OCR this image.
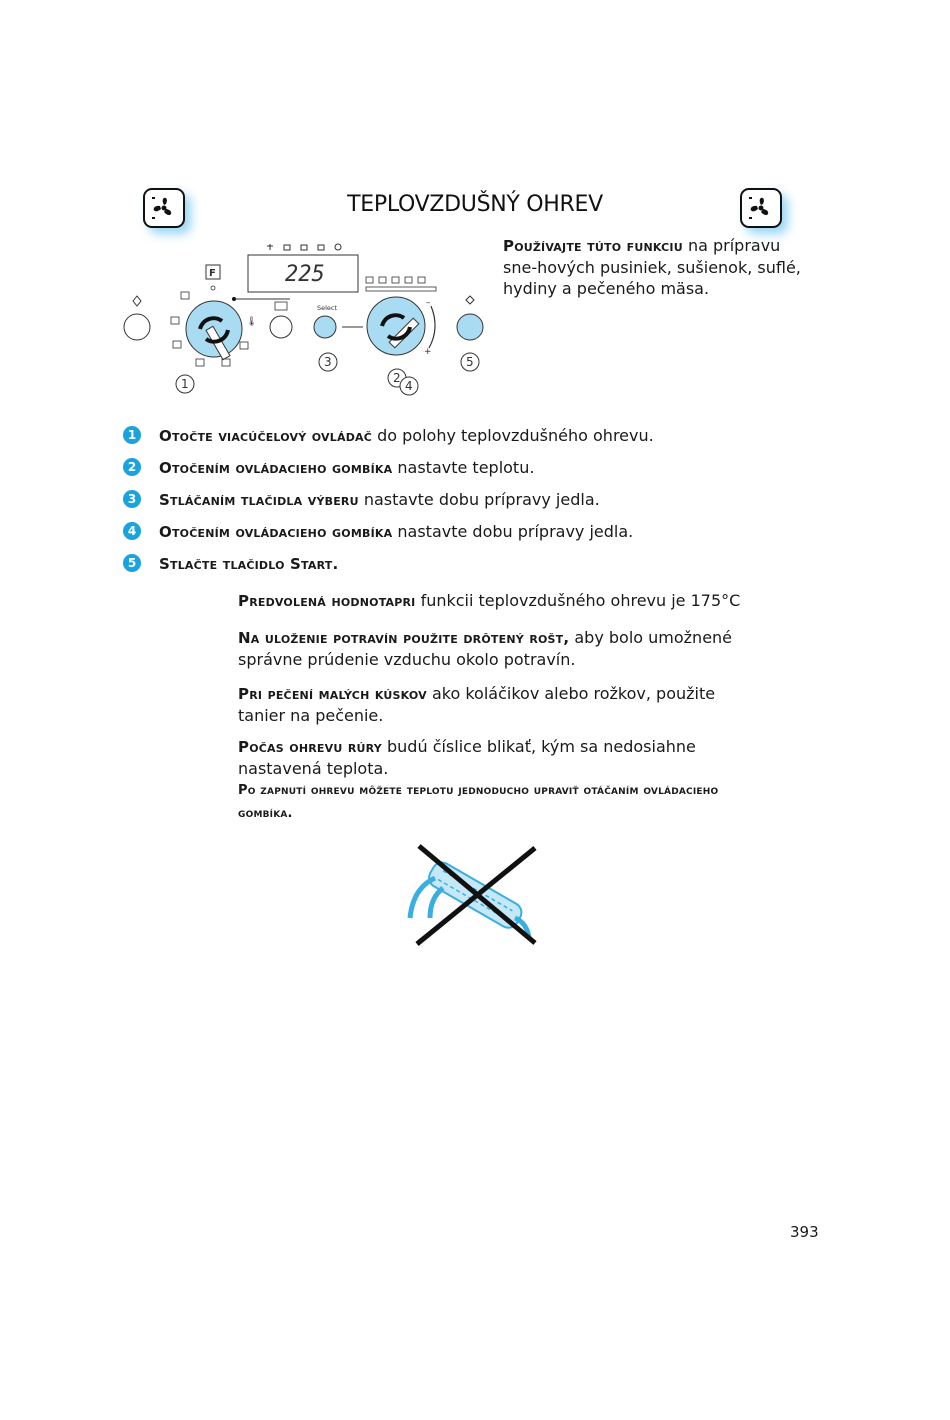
TEPLOVZDUŠNÝ OHREV
225
F
🌡
Select	–
+
1
3
2
4
5
Používajte túto funkciu na prípravu sne-hových pusiniek, sušienok, suflé, hydiny a pečeného mäsa.
1	Otočte viacúčelový ovládač do polohy teplovzdušného ohrevu.
2	Otočením ovládacieho gombíka nastavte teplotu.
3	Stláčaním tlačidla výberu nastavte dobu prípravy jedla.
4	Otočením ovládacieho gombíka nastavte dobu prípravy jedla.
5	Stlačte tlačidlo Start.
Predvolená hodnotapri funkcii teplovzdušného ohrevu je 175°C
Na uloženie potravín použite drôtený rošt, aby bolo umožnené správne prúdenie vzduchu okolo potravín.
Pri pečení malých kúskov ako koláčikov alebo rožkov, použite tanier na pečenie.
Počas ohrevu rúry budú číslice blikať, kým sa nedosiahne nastavená teplota.
Po zapnutí ohrevu môžete teplotu jednoducho upraviť otáčaním ovládacieho gombíka.
393
